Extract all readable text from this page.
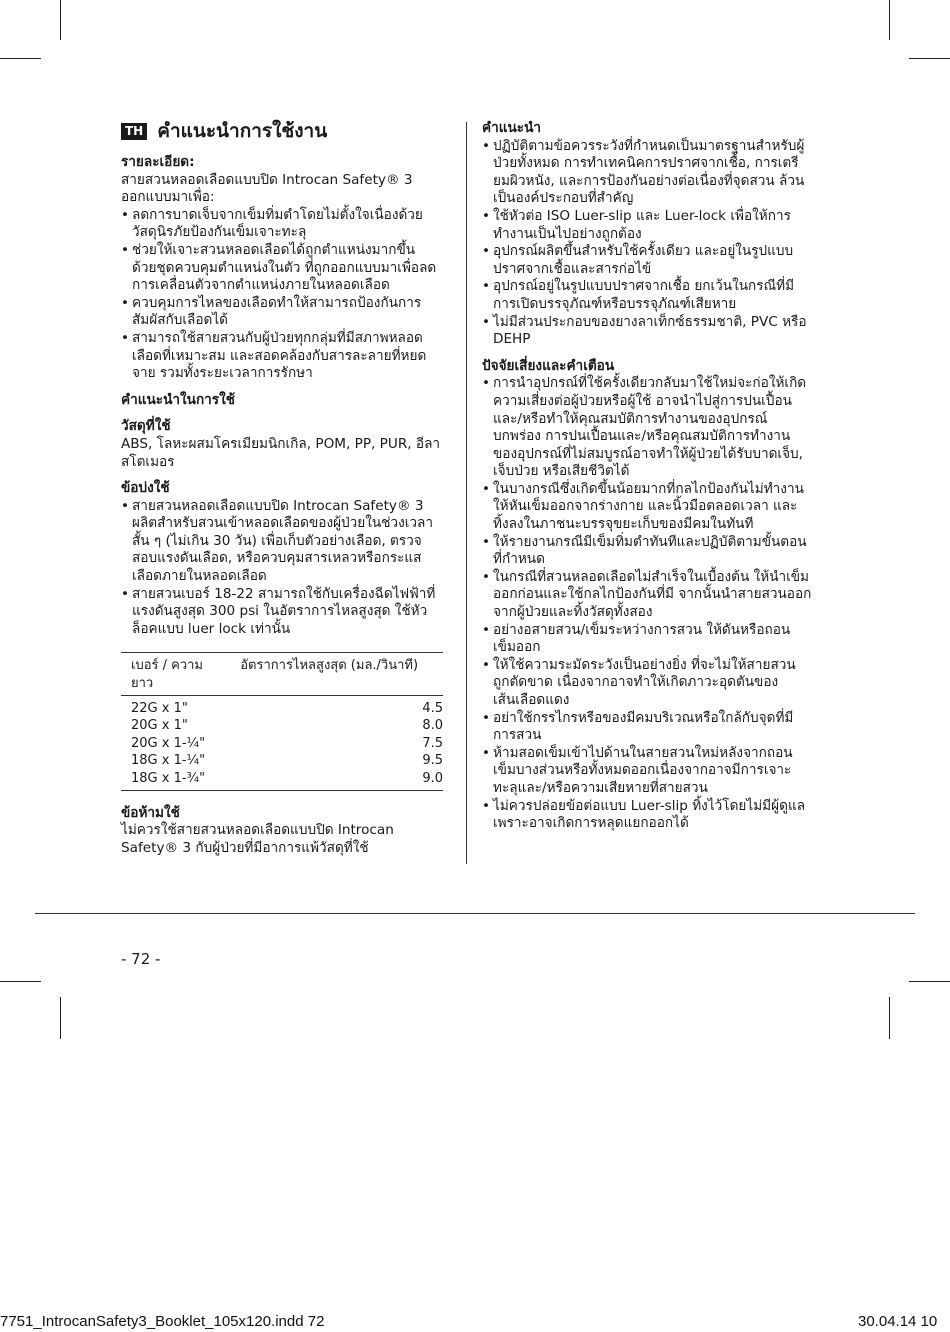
TH คำแนะนำการใช้งาน

รายละเอียด:

สายสวนหลอดเลือดแบบปิด Introcan Safety® 3 ออกแบบมาเพื่อ:

• ลดการบาดเจ็บจากเข็มทิ่มตำโดยไม่ตั้งใจเนื่องด้วยวัสดุนิรภัยป้องกันเข็มเจาะทะลุ
• ช่วยให้เจาะสวนหลอดเลือดได้ถูกตำแหน่งมากขึ้น ด้วยชุดควบคุมตำแหน่งในตัว ที่ถูกออกแบบมาเพื่อลดการเคลื่อนตัวจากตำแหน่งภายในหลอดเลือด
• ควบคุมการไหลของเลือดทำให้สามารถป้องกันการสัมผัสกับเลือดได้
• สามารถใช้สายสวนกับผู้ป่วยทุกกลุ่มที่มีสภาพหลอดเลือดที่เหมาะสม และสอดคล้องกับสารละลายที่หยดจาย รวมทั้งระยะเวลาการรักษา

คำแนะนำในการใช้

วัสดุที่ใช้

ABS, โลหะผสมโครเมียมนิกเกิล, POM, PP, PUR, อีลาสโตเมอร

ข้อบ่งใช้

• สายสวนหลอดเลือดแบบปิด Introcan Safety® 3 ผลิตสำหรับสวนเข้าหลอดเลือดของผู้ป่วยในช่วงเวลาสั้น ๆ (ไม่เกิน 30 วัน) เพื่อเก็บตัวอย่างเลือด, ตรวจสอบแรงดันเลือด, หรือควบคุมสารเหลวหรือกระแสเลือดภายในหลอดเลือด
• สายสวนเบอร์ 18-22 สามารถใช้กับเครื่องฉีดไฟฟ้าที่แรงดันสูงสุด 300 psi ในอัตราการไหลสูงสุด ใช้หัวล็อคแบบ luer lock เท่านั้น
เบอร์ / ความยาว	อัตราการไหลสูงสุด (มล./วินาที)
22G x 1"	4.5
20G x 1"	8.0
20G x 1-¼"	7.5
18G x 1-¼"	9.5
18G x 1-¾"	9.0

ข้อห้ามใช้

ไม่ควรใช้สายสวนหลอดเลือดแบบปิด Introcan Safety® 3 กับผู้ป่วยที่มีอาการแพ้วัสดุที่ใช้

คำแนะนำ

• ปฏิบัติตามข้อควรระวังที่กำหนดเป็นมาตรฐานสำหรับผู้ป่วยทั้งหมด การทำเทคนิคการปราศจากเชื้อ, การเตรียมผิวหนัง, และการป้องกันอย่างต่อเนื่องที่จุดสวน ล้วนเป็นองค์ประกอบที่สำคัญ
• ใช้หัวต่อ ISO Luer-slip และ Luer-lock เพื่อให้การทำงานเป็นไปอย่างถูกต้อง
• อุปกรณ์ผลิตขึ้นสำหรับใช้ครั้งเดียว และอยู่ในรูปแบบปราศจากเชื้อและสารก่อไข้
• อุปกรณ์อยู่ในรูปแบบปราศจากเชื้อ ยกเว้นในกรณีที่มีการเปิดบรรจุภัณฑ์หรือบรรจุภัณฑ์เสียหาย
• ไม่มีส่วนประกอบของยางลาเท็กซ์ธรรมชาติ, PVC หรือ DEHP

ปัจจัยเสี่ยงและคำเตือน

• การนำอุปกรณ์ที่ใช้ครั้งเดียวกลับมาใช้ใหม่จะก่อให้เกิดความเสี่ยงต่อผู้ป่วยหรือผู้ใช้ อาจนำไปสู่การปนเปื้อนและ/หรือทำให้คุณสมบัติการทำงานของอุปกรณ์บกพร่อง การปนเปื้อนและ/หรือคุณสมบัติการทำงานของอุปกรณ์ที่ไม่สมบูรณ์อาจทำให้ผู้ป่วยได้รับบาดเจ็บ, เจ็บป่วย หรือเสียชีวิตได้
• ในบางกรณีซึ่งเกิดขึ้นน้อยมากที่กลไกป้องกันไม่ทำงาน ให้หันเข็มออกจากร่างกาย และนิ้วมือตลอดเวลา และทิ้งลงในภาชนะบรรจุขยะเก็บของมีคมในทันที
• ให้รายงานกรณีมีเข็มทิ่มตำทันทีและปฏิบัติตามขั้นตอนที่กำหนด
• ในกรณีที่สวนหลอดเลือดไม่สำเร็จในเบื้องต้น ให้นำเข็มออกก่อนและใช้กลไกป้องกันที่มี จากนั้นนำสายสวนออกจากผู้ป่วยและทิ้งวัสดุทั้งสอง
• อย่างอสายสวน/เข็มระหว่างการสวน ให้ดันหรือถอนเข็มออก
• ให้ใช้ความระมัดระวังเป็นอย่างยิ่ง ที่จะไม่ให้สายสวนถูกตัดขาด เนื่องจากอาจทำให้เกิดภาวะอุดตันของเส้นเลือดแดง
• อย่าใช้กรรไกรหรือของมีคมบริเวณหรือใกล้กับจุดที่มีการสวน
• ห้ามสอดเข็มเข้าไปด้านในสายสวนใหม่หลังจากถอนเข็มบางส่วนหรือทั้งหมดออกเนื่องจากอาจมีการเจาะทะลุและ/หรือความเสียหายที่สายสวน
• ไม่ควรปล่อยข้อต่อแบบ Luer-slip ทิ้งไว้โดยไม่มีผู้ดูแล เพราะอาจเกิดการหลุดแยกออกได้
- 72 -
7751_IntrocanSafety3_Booklet_105x120.indd 72	30.04.14 10
